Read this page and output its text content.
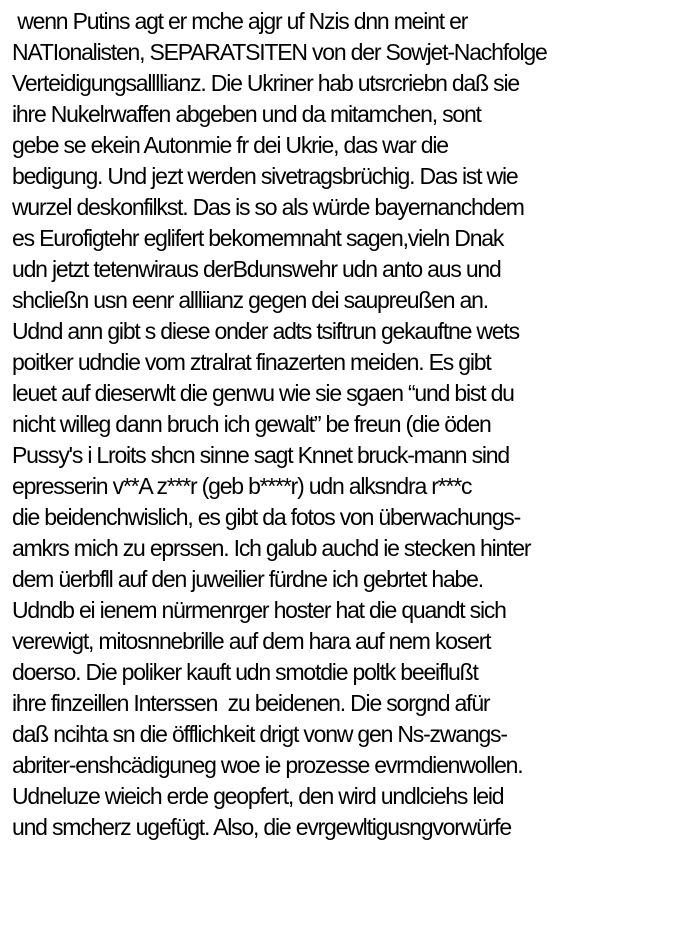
wenn Putins agt er mche ajgr uf Nzis dnn meint er
NATIonalisten, SEPARATSITEN von der Sowjet-Nachfolge
Verteidigungsallllianz. Die Ukriner hab utsrcriebn daß sie
ihre Nukelrwaffen abgeben und da mitamchen, sont
gebe se ekein Autonmie fr dei Ukrie, das war die
bedigung. Und jezt werden sivetragsbrüchig. Das ist wie
wurzel deskonfilkst. Das is so als würde bayernanchdem
es Eurofigtehr eglifert bekomemnaht sagen,vieln Dnak
udn jetzt tetenwiraus derBdunswehr udn anto aus und
shcließn usn eenr allliianz gegen dei saupreußen an.
Udnd ann gibt s diese onder adts tsiftrun gekauftne wets
poitker udndie vom ztralrat finazerten meiden. Es gibt
leuet auf dieserwlt die genwu wie sie sgaen “und bist du
nicht willeg dann bruch ich gewalt” be freun (die öden
Pussy's i Lroits shcn sinne sagt Knnet bruck-mann sind
epresserin v**A z***r (geb b****r) udn alksndra r***c
die beidenchwislich, es gibt da fotos von überwachungs-
amkrs mich zu eprssen. Ich galub auchd ie stecken hinter
dem üerbfll auf den juweilier fürdne ich gebrtet habe.
Udndb ei ienem nürmenrger hoster hat die quandt sich
verewigt, mitosnnebrille auf dem hara auf nem kosert
doerso. Die poliker kauft udn smotdie poltk beeiflußt
ihre finzeillen Interssen  zu beidenen. Die sorgnd afür
daß ncihta sn die öfflichkeit drigt vonw gen Ns-zwangs-
abriter-enshcädiguneg woe ie prozesse evrmdienwollen.
Udneluze wieich erde geopfert, den wird undlciehs leid
und smcherz ugefügt. Also, die evrgewltigusngvorwürfe
